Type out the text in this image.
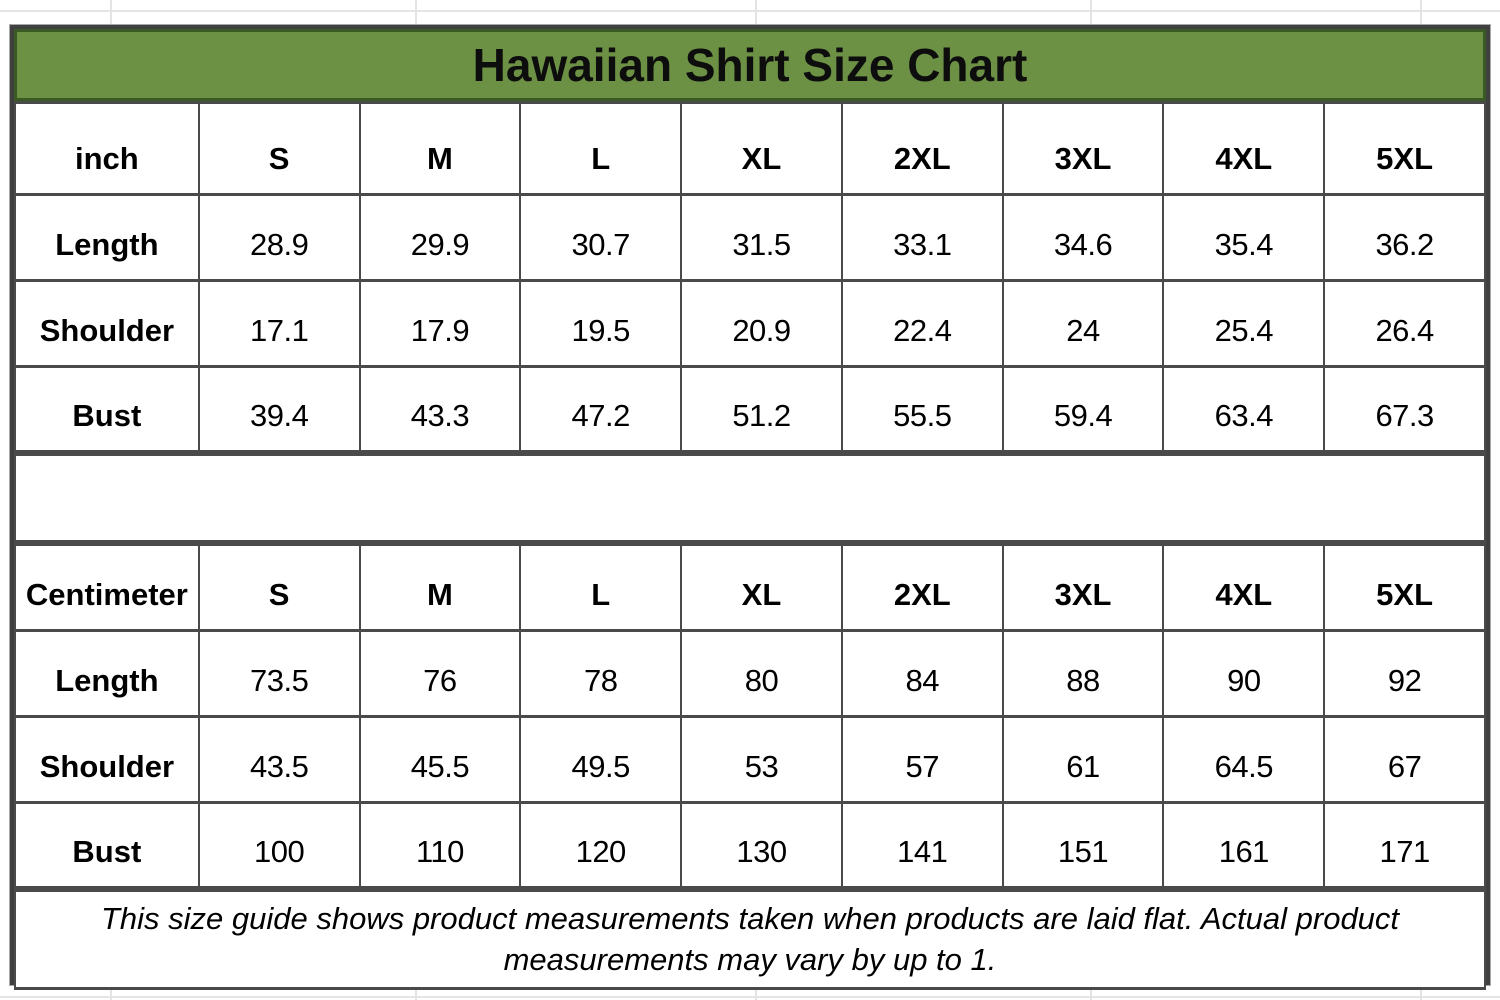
Hawaiian Shirt Size Chart
inch	S	M	L	XL	2XL	3XL	4XL	5XL
Length	28.9	29.9	30.7	31.5	33.1	34.6	35.4	36.2
Shoulder	17.1	17.9	19.5	20.9	22.4	24	25.4	26.4
Bust	39.4	43.3	47.2	51.2	55.5	59.4	63.4	67.3

Centimeter	S	M	L	XL	2XL	3XL	4XL	5XL
Length	73.5	76	78	80	84	88	90	92
Shoulder	43.5	45.5	49.5	53	57	61	64.5	67
Bust	100	110	120	130	141	151	161	171

This size guide shows product measurements taken when products are laid flat. Actual product
measurements may vary by up to 1.								
